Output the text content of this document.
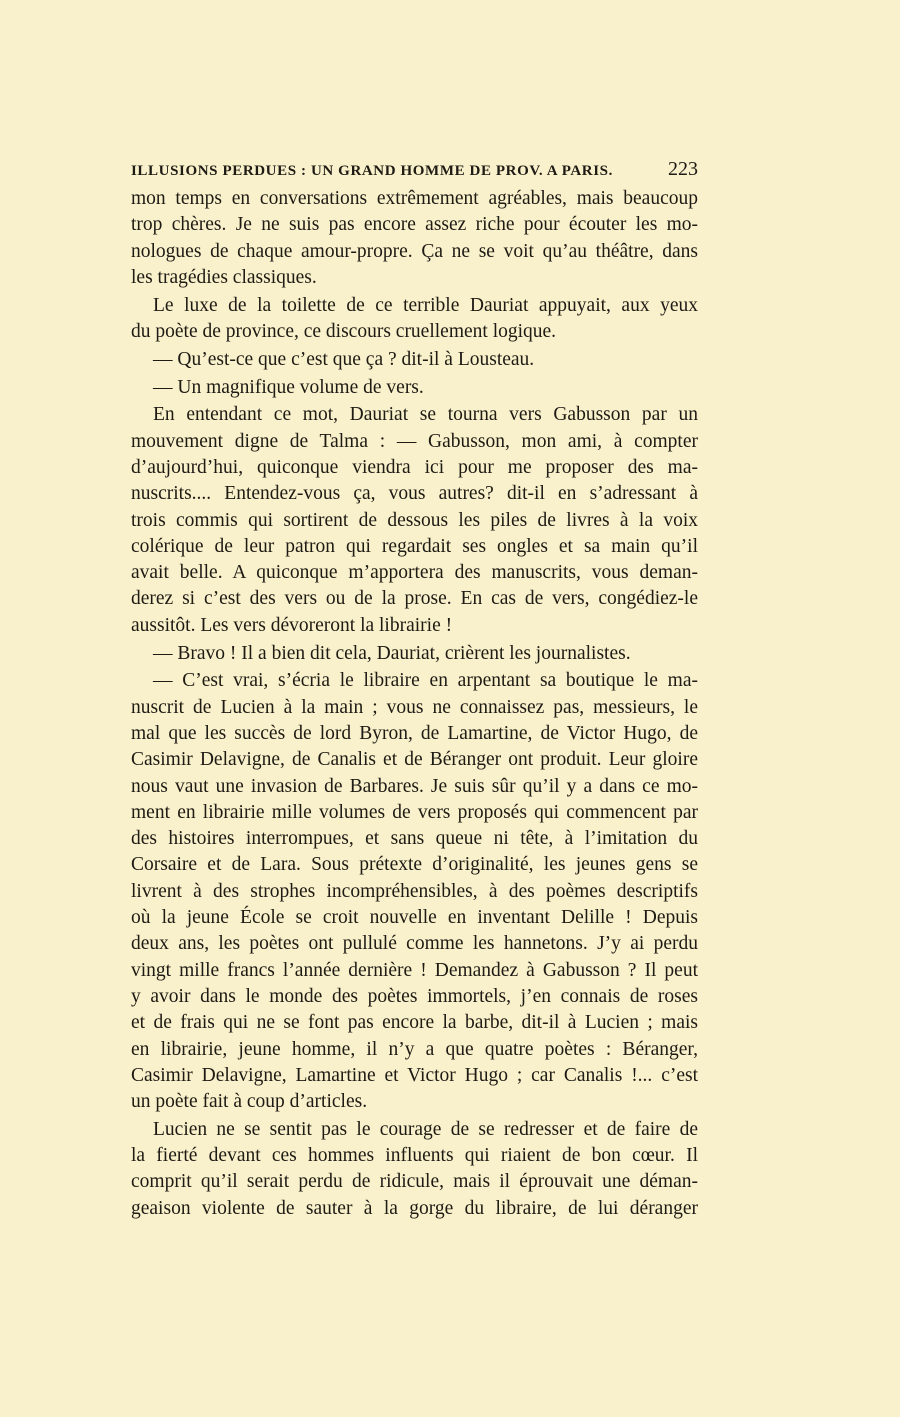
ILLUSIONS PERDUES : UN GRAND HOMME DE PROV. A PARIS.	223
mon temps en conversations extrêmement agréables, mais beaucoup
trop chères. Je ne suis pas encore assez riche pour écouter les mo-
nologues de chaque amour-propre. Ça ne se voit qu’au théâtre, dans
les tragédies classiques.
Le luxe de la toilette de ce terrible Dauriat appuyait, aux yeux
du poète de province, ce discours cruellement logique.
— Qu’est-ce que c’est que ça ? dit-il à Lousteau.
— Un magnifique volume de vers.
En entendant ce mot, Dauriat se tourna vers Gabusson par un
mouvement digne de Talma : — Gabusson, mon ami, à compter
d’aujourd’hui, quiconque viendra ici pour me proposer des ma-
nuscrits.... Entendez-vous ça, vous autres? dit-il en s’adressant à
trois commis qui sortirent de dessous les piles de livres à la voix
colérique de leur patron qui regardait ses ongles et sa main qu’il
avait belle. A quiconque m’apportera des manuscrits, vous deman-
derez si c’est des vers ou de la prose. En cas de vers, congédiez-le
aussitôt. Les vers dévoreront la librairie !
— Bravo ! Il a bien dit cela, Dauriat, crièrent les journalistes.
— C’est vrai, s’écria le libraire en arpentant sa boutique le ma-
nuscrit de Lucien à la main ; vous ne connaissez pas, messieurs, le
mal que les succès de lord Byron, de Lamartine, de Victor Hugo, de
Casimir Delavigne, de Canalis et de Béranger ont produit. Leur gloire
nous vaut une invasion de Barbares. Je suis sûr qu’il y a dans ce mo-
ment en librairie mille volumes de vers proposés qui commencent par
des histoires interrompues, et sans queue ni tête, à l’imitation du
Corsaire et de Lara. Sous prétexte d’originalité, les jeunes gens se
livrent à des strophes incompréhensibles, à des poèmes descriptifs
où la jeune École se croit nouvelle en inventant Delille ! Depuis
deux ans, les poètes ont pullulé comme les hannetons. J’y ai perdu
vingt mille francs l’année dernière ! Demandez à Gabusson ? Il peut
y avoir dans le monde des poètes immortels, j’en connais de roses
et de frais qui ne se font pas encore la barbe, dit-il à Lucien ; mais
en librairie, jeune homme, il n’y a que quatre poètes : Béranger,
Casimir Delavigne, Lamartine et Victor Hugo ; car Canalis !... c’est
un poète fait à coup d’articles.
Lucien ne se sentit pas le courage de se redresser et de faire de
la fierté devant ces hommes influents qui riaient de bon cœur. Il
comprit qu’il serait perdu de ridicule, mais il éprouvait une déman-
geaison violente de sauter à la gorge du libraire, de lui déranger
